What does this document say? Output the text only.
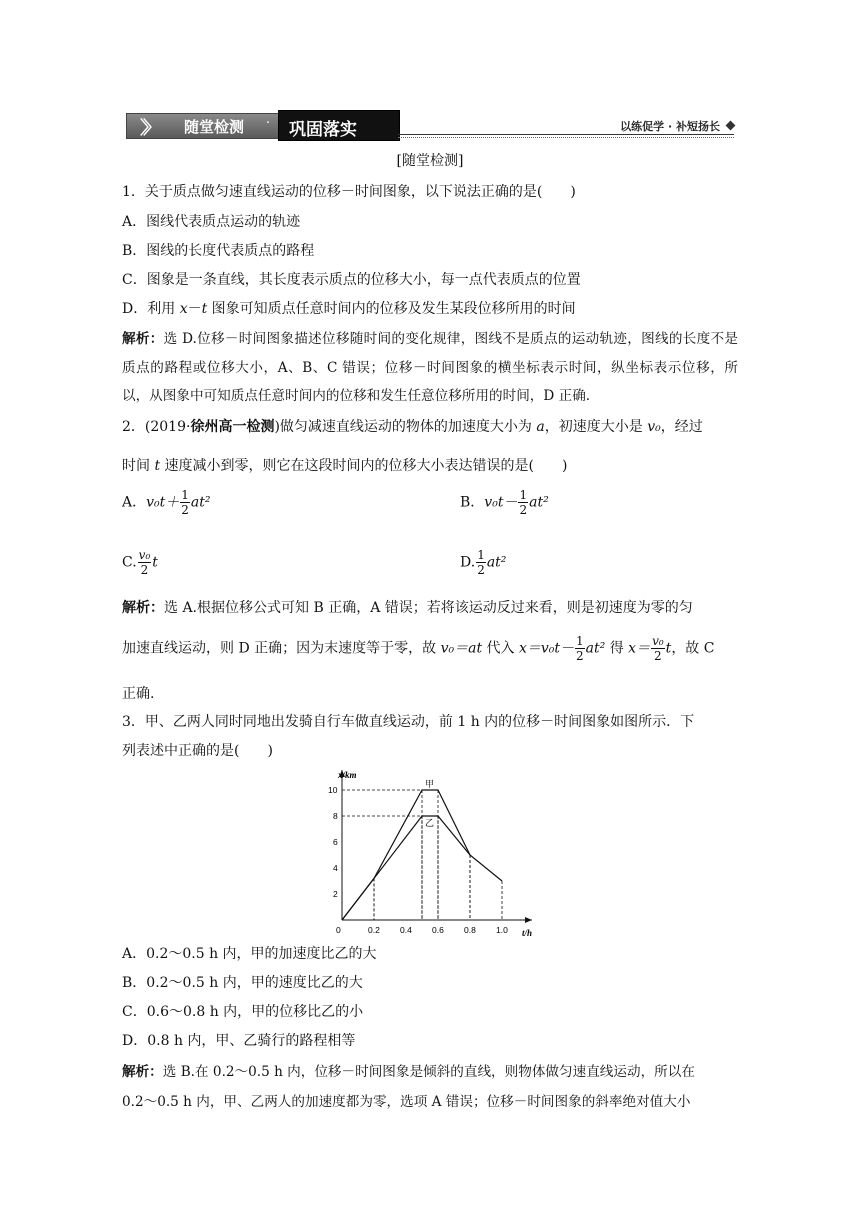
〉〉 随堂检测 · 巩固落实	以练促学 · 补短扬长
[随堂检测]
1．关于质点做匀速直线运动的位移－时间图象，以下说法正确的是(　　)
A．图线代表质点运动的轨迹
B．图线的长度代表质点的路程
C．图象是一条直线，其长度表示质点的位移大小，每一点代表质点的位置
D．利用 x－t 图象可知质点任意时间内的位移及发生某段位移所用的时间
解析：选 D.位移－时间图象描述位移随时间的变化规律，图线不是质点的运动轨迹，图线的长度不是质点的路程或位移大小，A、B、C 错误；位移－时间图象的横坐标表示时间，纵坐标表示位移，所以，从图象中可知质点任意时间内的位移和发生任意位移所用的时间，D 正确.
2．(2019·徐州高一检测)做匀减速直线运动的物体的加速度大小为 a，初速度大小是 v₀，经过
时间 t 速度减小到零，则它在这段时间内的位移大小表达错误的是(　　)
A．$v_0t+ \frac{1}{2} at^2$	B．$v_0t- \frac{1}{2} at^2$
C. $\frac{\text{v₀}}{2}$ t	D. $\frac{1}{2} at^2$
解析：选 A.根据位移公式可知 B 正确，A 错误；若将该运动反过来看，则是初速度为零的匀
加速直线运动，则 D 正确；因为末速度等于零，故 v₀＝at 代入 $x=v_0t- \frac{1}{2} at^2$ 得 $x= \frac{\text{v₀}}{2}$ t，故 C
正确.
3．甲、乙两人同时同地出发骑自行车做直线运动，前 1 h 内的位移－时间图象如图所示．下
列表述中正确的是(　　)
t/h
x/km
0	0.2 0.4 0.6 0.8 1.0
2
4
6
8
10	甲
乙
A．0.2～0.5 h 内，甲的加速度比乙的大
B．0.2～0.5 h 内，甲的速度比乙的大
C．0.6～0.8 h 内，甲的位移比乙的小
D．0.8 h 内，甲、乙骑行的路程相等
解析：选 B.在 0.2～0.5 h 内，位移－时间图象是倾斜的直线，则物体做匀速直线运动，所以在
0.2～0.5 h 内，甲、乙两人的加速度都为零，选项 A 错误；位移－时间图象的斜率绝对值大小
